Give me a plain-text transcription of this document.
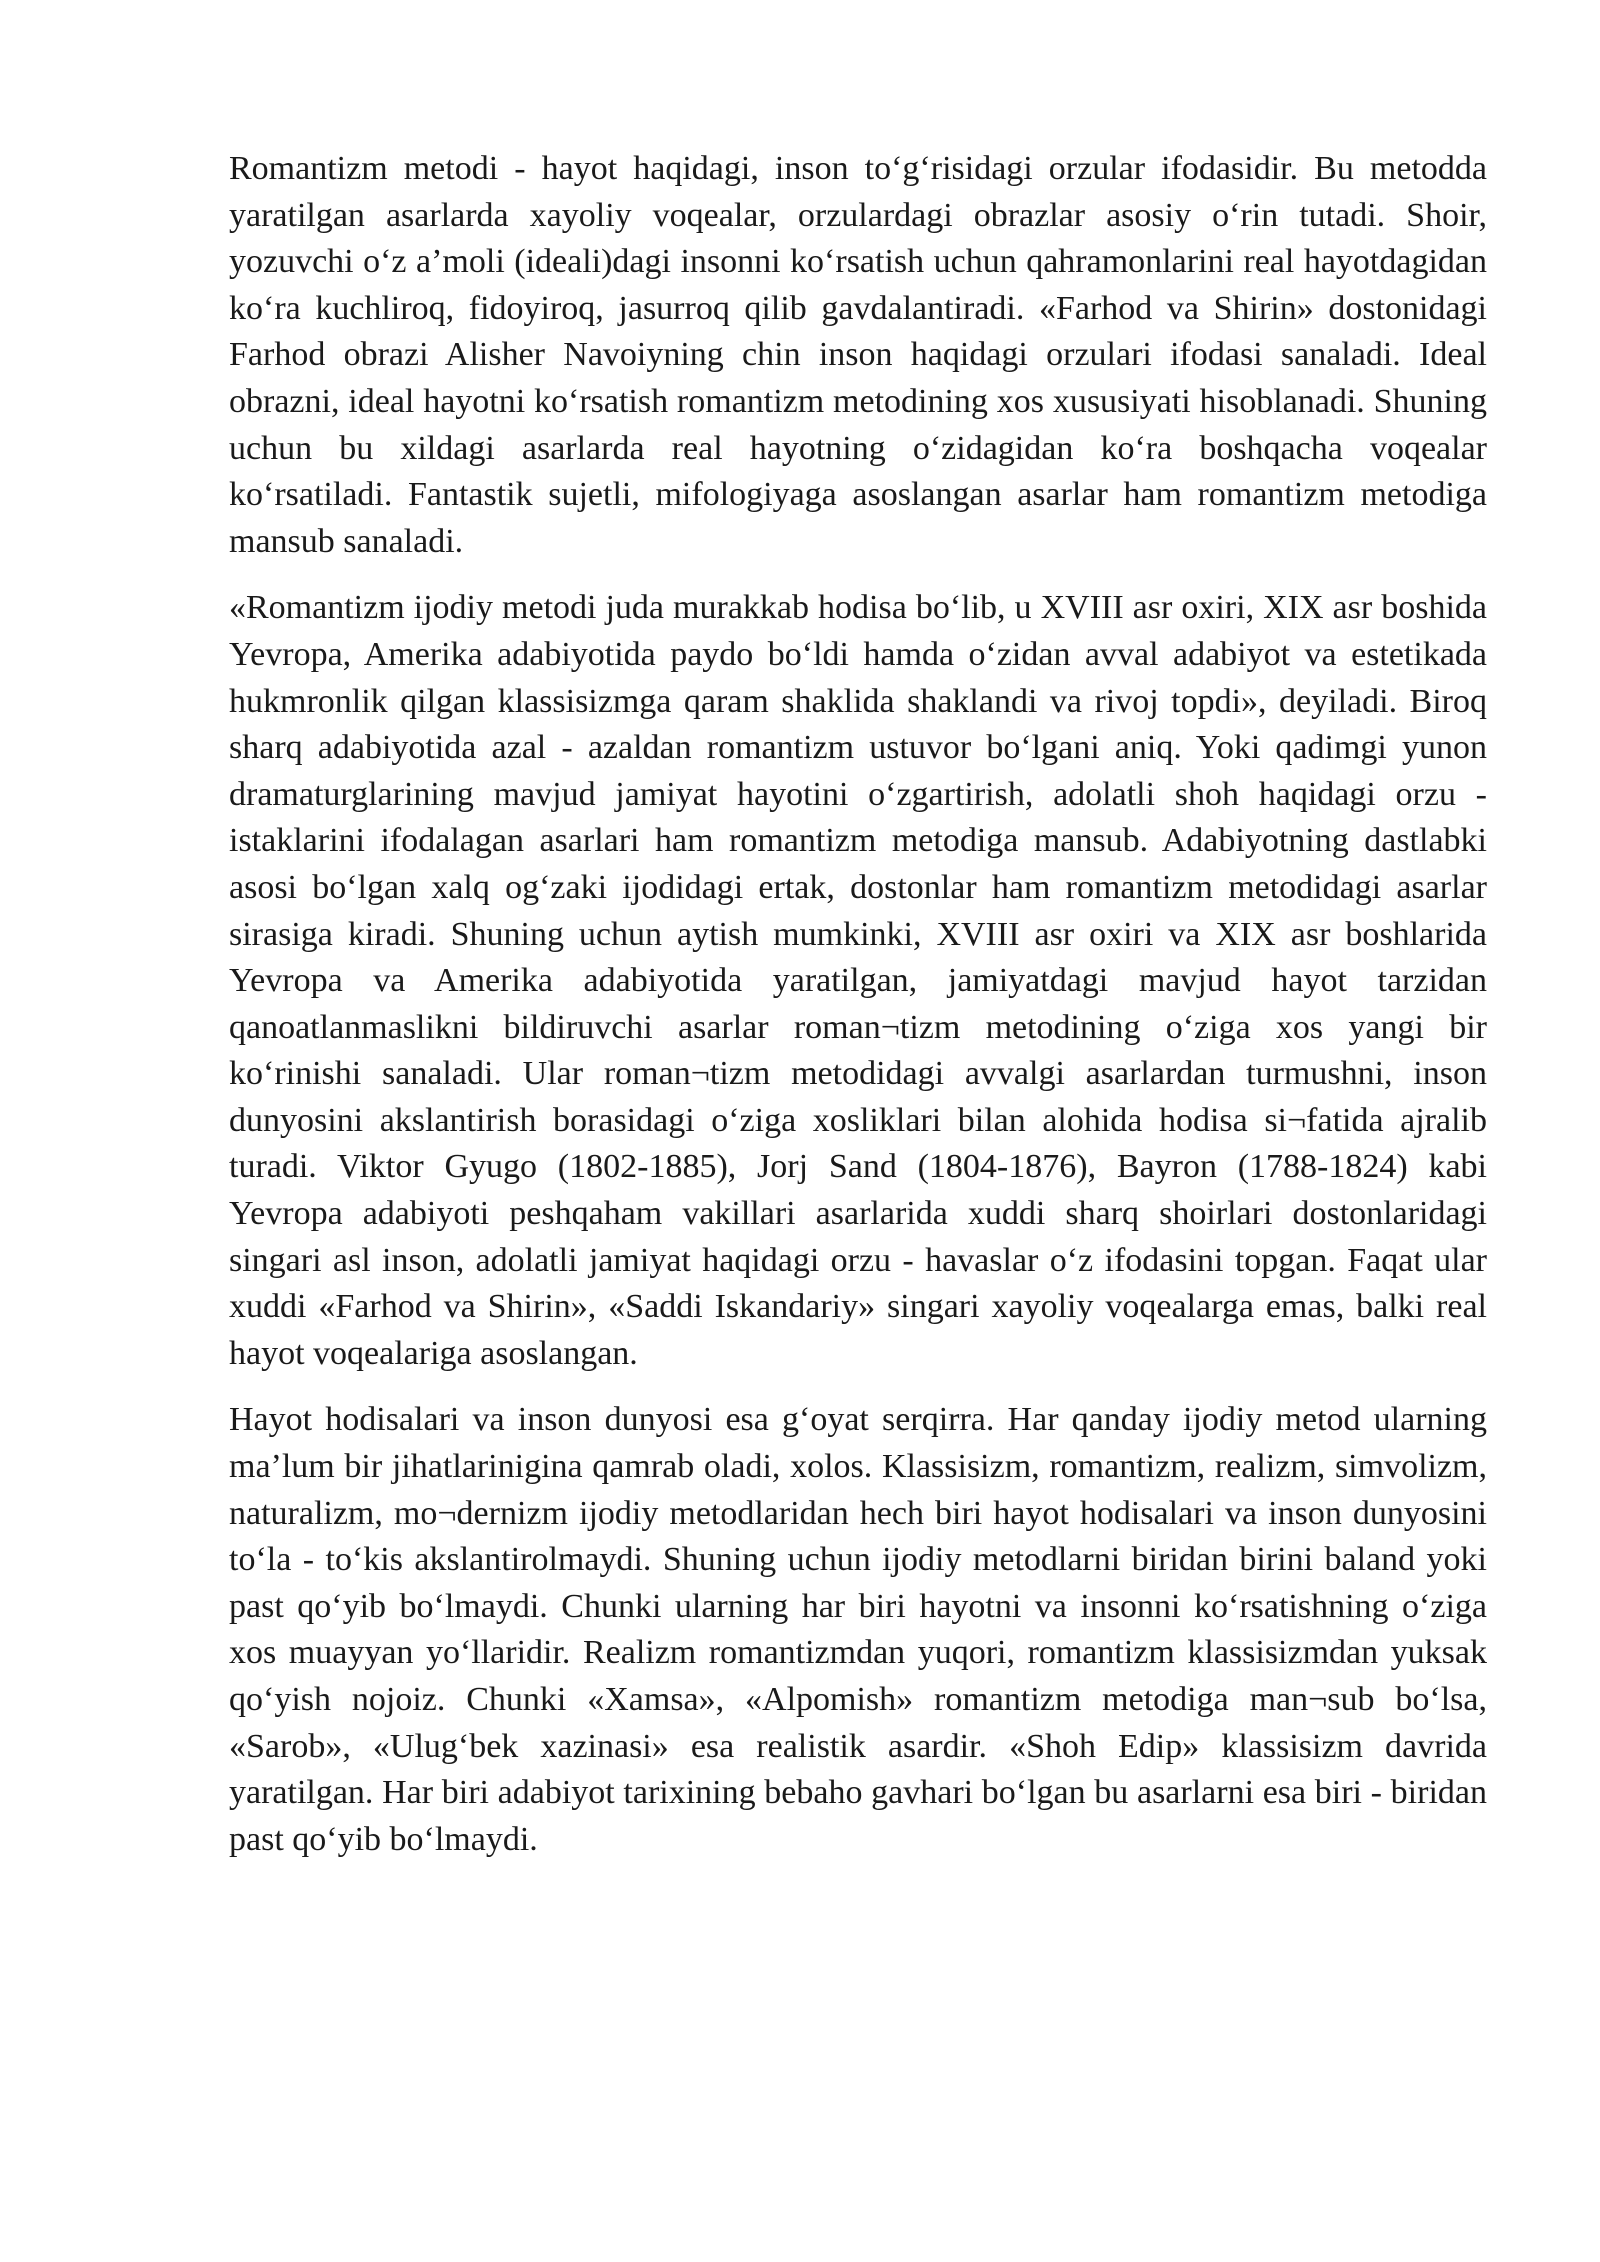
Romantizm metodi - hayot haqidagi, inson to‘g‘risidagi orzular ifodasidir. Bu metodda yaratilgan asarlarda xayoliy voqealar, orzulardagi obrazlar asosiy o‘rin tutadi. Shoir, yozuvchi o‘z a’moli (ideali)dagi insonni ko‘rsatish uchun qahramonlarini real hayotdagidan ko‘ra kuchliroq, fidoyiroq, jasurroq qilib gavdalantiradi. «Farhod va Shirin» dostonidagi Farhod obrazi Alisher Navoiyning chin inson haqidagi orzulari ifodasi sanaladi. Ideal obrazni, ideal hayotni ko‘rsatish romantizm metodining xos xususiyati hisoblanadi. Shuning uchun bu xildagi asarlarda real hayotning o‘zidagidan ko‘ra boshqacha voqealar ko‘rsatiladi. Fantastik sujetli, mifologiyaga asoslangan asarlar ham romantizm metodiga mansub sanaladi.

«Romantizm ijodiy metodi juda murakkab hodisa bo‘lib, u XVIII asr oxiri, XIX asr boshida Yevropa, Amerika adabiyotida paydo bo‘ldi hamda o‘zidan avval adabiyot va estetikada hukmronlik qilgan klassisizmga qaram shaklida shaklandi va rivoj topdi», deyiladi. Biroq sharq adabiyotida azal - azaldan romantizm ustuvor bo‘lgani aniq. Yoki qadimgi yunon dramaturglarining mavjud jamiyat hayotini o‘zgartirish, adolatli shoh haqidagi orzu - istaklarini ifodalagan asarlari ham romantizm metodiga mansub. Adabiyotning dastlabki asosi bo‘lgan xalq og‘zaki ijodidagi ertak, dostonlar ham romantizm metodidagi asarlar sirasiga kiradi. Shuning uchun aytish mumkinki, XVIII asr oxiri va XIX asr boshlarida Yevropa va Amerika adabiyotida yaratilgan, jamiyatdagi mavjud hayot tarzidan qanoatlanmaslikni bildiruvchi asarlar roman¬tizm metodining o‘ziga xos yangi bir ko‘rinishi sanaladi. Ular roman¬tizm metodidagi avvalgi asarlardan turmushni, inson dunyosini akslantirish borasidagi o‘ziga xosliklari bilan alohida hodisa si¬fatida ajralib turadi. Viktor Gyugo (1802-1885), Jorj Sand (1804-1876), Bayron (1788-1824) kabi Yevropa adabiyoti peshqaham vakillari asarlarida xuddi sharq shoirlari dostonlaridagi singari asl inson, adolatli jamiyat haqidagi orzu - havaslar o‘z ifodasini topgan. Faqat ular xuddi «Farhod va Shirin», «Saddi Iskandariy» singari xayoliy voqealarga emas, balki real hayot voqealariga asoslangan.

Hayot hodisalari va inson dunyosi esa g‘oyat serqirra. Har qanday ijodiy metod ularning ma’lum bir jihatlarinigina qamrab oladi, xolos. Klassisizm, romantizm, realizm, simvolizm, naturalizm, mo¬dernizm ijodiy metodlaridan hech biri hayot hodisalari va inson dunyosini to‘la - to‘kis akslantirolmaydi. Shuning uchun ijodiy metodlarni biridan birini baland yoki past qo‘yib bo‘lmaydi. Chunki ularning har biri hayotni va insonni ko‘rsatishning o‘ziga xos muayyan yo‘llaridir. Realizm romantizmdan yuqori, romantizm klassisizmdan yuksak qo‘yish nojoiz. Chunki «Xamsa», «Alpomish» romantizm metodiga man¬sub bo‘lsa, «Sarob», «Ulug‘bek xazinasi» esa realistik asardir. «Shoh Edip» klassisizm davrida yaratilgan. Har biri adabiyot tarixining bebaho gavhari bo‘lgan bu asarlarni esa biri - biridan past qo‘yib bo‘lmaydi.
